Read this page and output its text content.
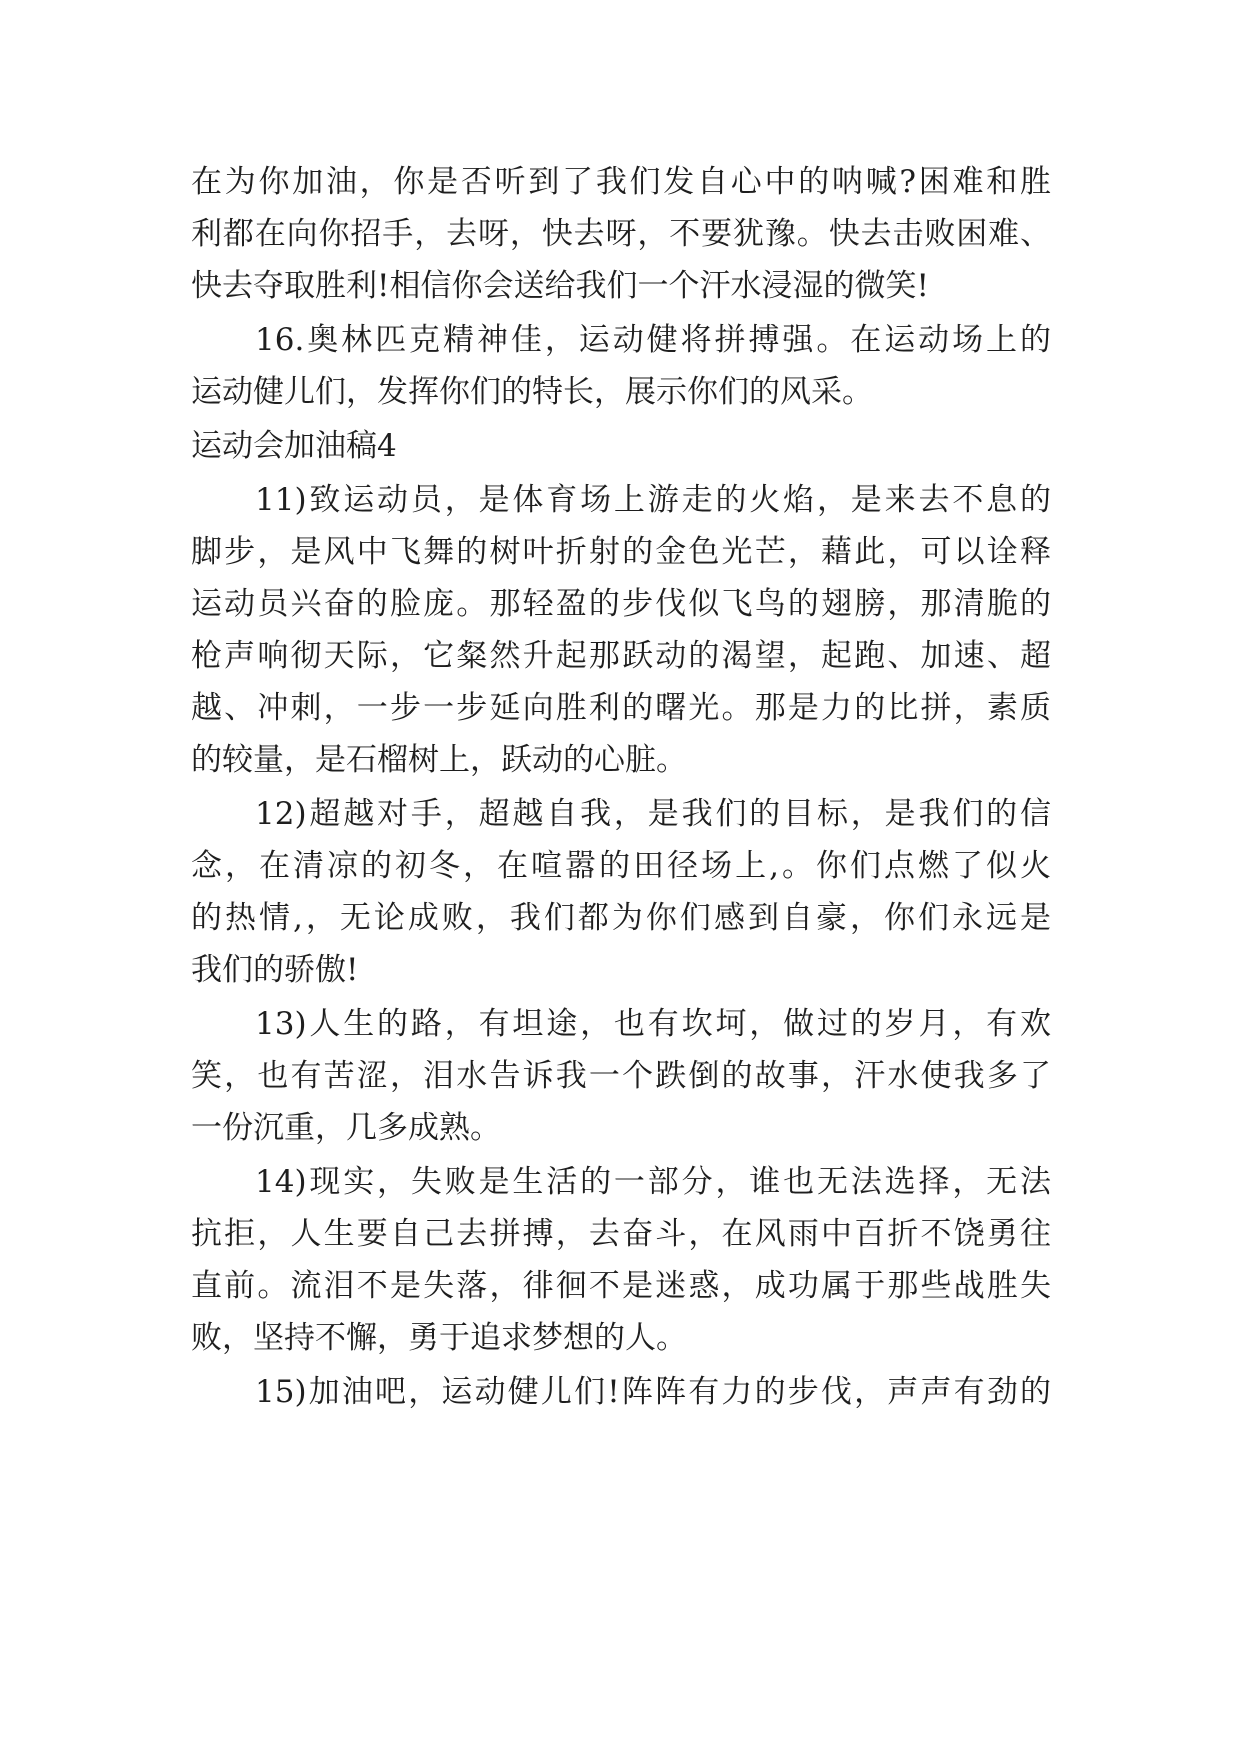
在为你加油，你是否听到了我们发自心中的呐喊?困难和胜
利都在向你招手，去呀，快去呀，不要犹豫。快去击败困难、
快去夺取胜利!相信你会送给我们一个汗水浸湿的微笑!
16.奥林匹克精神佳，运动健将拼搏强。在运动场上的
运动健儿们，发挥你们的特长，展示你们的风采。
运动会加油稿4
11)致运动员，是体育场上游走的火焰，是来去不息的
脚步，是风中飞舞的树叶折射的金色光芒，藉此，可以诠释
运动员兴奋的脸庞。那轻盈的步伐似飞鸟的翅膀，那清脆的
枪声响彻天际，它粲然升起那跃动的渴望，起跑、加速、超
越、冲刺，一步一步延向胜利的曙光。那是力的比拼，素质
的较量，是石榴树上，跃动的心脏。
12)超越对手，超越自我，是我们的目标，是我们的信
念，在清凉的初冬，在喧嚣的田径场上,。你们点燃了似火
的热情,，无论成败，我们都为你们感到自豪，你们永远是
我们的骄傲!
13)人生的路，有坦途，也有坎坷，做过的岁月，有欢
笑，也有苦涩，泪水告诉我一个跌倒的故事，汗水使我多了
一份沉重，几多成熟。
14)现实，失败是生活的一部分，谁也无法选择，无法
抗拒，人生要自己去拼搏，去奋斗，在风雨中百折不饶勇往
直前。流泪不是失落，徘徊不是迷惑，成功属于那些战胜失
败，坚持不懈，勇于追求梦想的人。
15)加油吧，运动健儿们!阵阵有力的步伐，声声有劲的
